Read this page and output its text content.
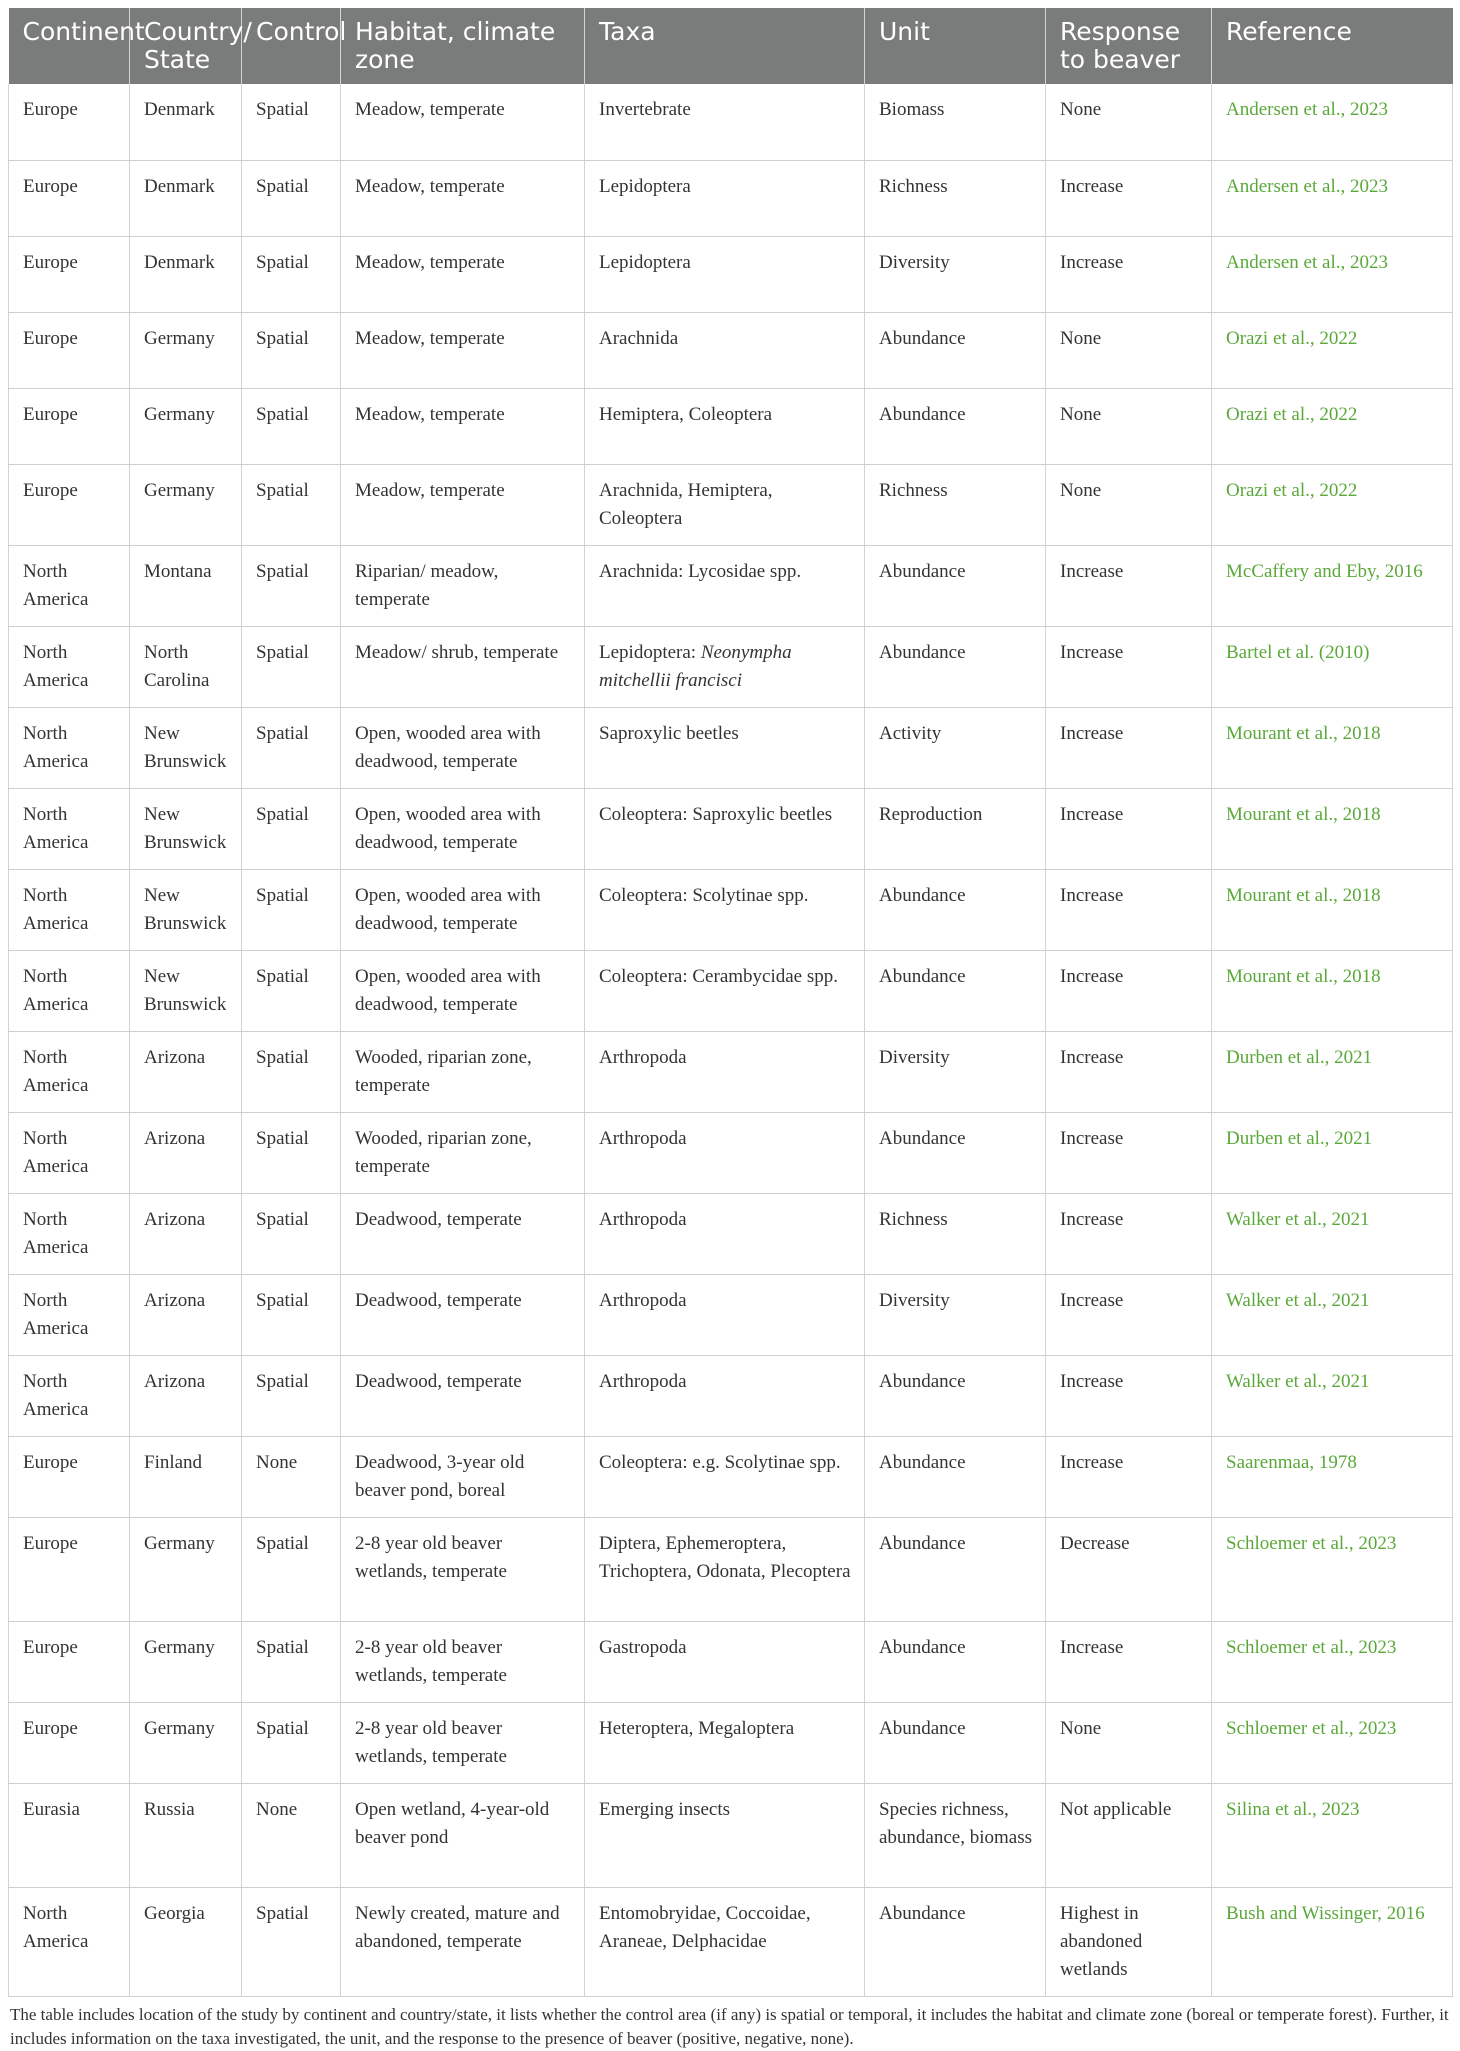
Continent	Country/ State	Control	Habitat, climate zone	Taxa	Unit	Response to beaver	Reference
Europe	Denmark	Spatial	Meadow, temperate	Invertebrate	Biomass	None	Andersen et al., 2023
Europe	Denmark	Spatial	Meadow, temperate	Lepidoptera	Richness	Increase	Andersen et al., 2023
Europe	Denmark	Spatial	Meadow, temperate	Lepidoptera	Diversity	Increase	Andersen et al., 2023
Europe	Germany	Spatial	Meadow, temperate	Arachnida	Abundance	None	Orazi et al., 2022
Europe	Germany	Spatial	Meadow, temperate	Hemiptera, Coleoptera	Abundance	None	Orazi et al., 2022
Europe	Germany	Spatial	Meadow, temperate	Arachnida, Hemiptera, Coleoptera	Richness	None	Orazi et al., 2022
North America	Montana	Spatial	Riparian/ meadow, temperate	Arachnida: Lycosidae spp.	Abundance	Increase	McCaffery and Eby, 2016
North America	North Carolina	Spatial	Meadow/ shrub, temperate	Lepidoptera: Neonympha mitchellii francisci	Abundance	Increase	Bartel et al. (2010)
North America	New Brunswick	Spatial	Open, wooded area with deadwood, temperate	Saproxylic beetles	Activity	Increase	Mourant et al., 2018
North America	New Brunswick	Spatial	Open, wooded area with deadwood, temperate	Coleoptera: Saproxylic beetles	Reproduction	Increase	Mourant et al., 2018
North America	New Brunswick	Spatial	Open, wooded area with deadwood, temperate	Coleoptera: Scolytinae spp.	Abundance	Increase	Mourant et al., 2018
North America	New Brunswick	Spatial	Open, wooded area with deadwood, temperate	Coleoptera: Cerambycidae spp.	Abundance	Increase	Mourant et al., 2018
North America	Arizona	Spatial	Wooded, riparian zone, temperate	Arthropoda	Diversity	Increase	Durben et al., 2021
North America	Arizona	Spatial	Wooded, riparian zone, temperate	Arthropoda	Abundance	Increase	Durben et al., 2021
North America	Arizona	Spatial	Deadwood, temperate	Arthropoda	Richness	Increase	Walker et al., 2021
North America	Arizona	Spatial	Deadwood, temperate	Arthropoda	Diversity	Increase	Walker et al., 2021
North America	Arizona	Spatial	Deadwood, temperate	Arthropoda	Abundance	Increase	Walker et al., 2021
Europe	Finland	None	Deadwood, 3-year old beaver pond, boreal	Coleoptera: e.g. Scolytinae spp.	Abundance	Increase	Saarenmaa, 1978
Europe	Germany	Spatial	2-8 year old beaver wetlands, temperate	Diptera, Ephemeroptera, Trichoptera, Odonata, Plecoptera	Abundance	Decrease	Schloemer et al., 2023
Europe	Germany	Spatial	2-8 year old beaver wetlands, temperate	Gastropoda	Abundance	Increase	Schloemer et al., 2023
Europe	Germany	Spatial	2-8 year old beaver wetlands, temperate	Heteroptera, Megaloptera	Abundance	None	Schloemer et al., 2023
Eurasia	Russia	None	Open wetland, 4-year-old beaver pond	Emerging insects	Species richness, abundance, biomass	Not applicable	Silina et al., 2023
North America	Georgia	Spatial	Newly created, mature and abandoned, temperate	Entomobryidae, Coccoidae, Araneae, Delphacidae	Abundance	Highest in abandoned wetlands	Bush and Wissinger, 2016
The table includes location of the study by continent and country/state, it lists whether the control area (if any) is spatial or temporal, it includes the habitat and climate zone (boreal or temperate forest). Further, it includes information on the taxa investigated, the unit, and the response to the presence of beaver (positive, negative, none).
